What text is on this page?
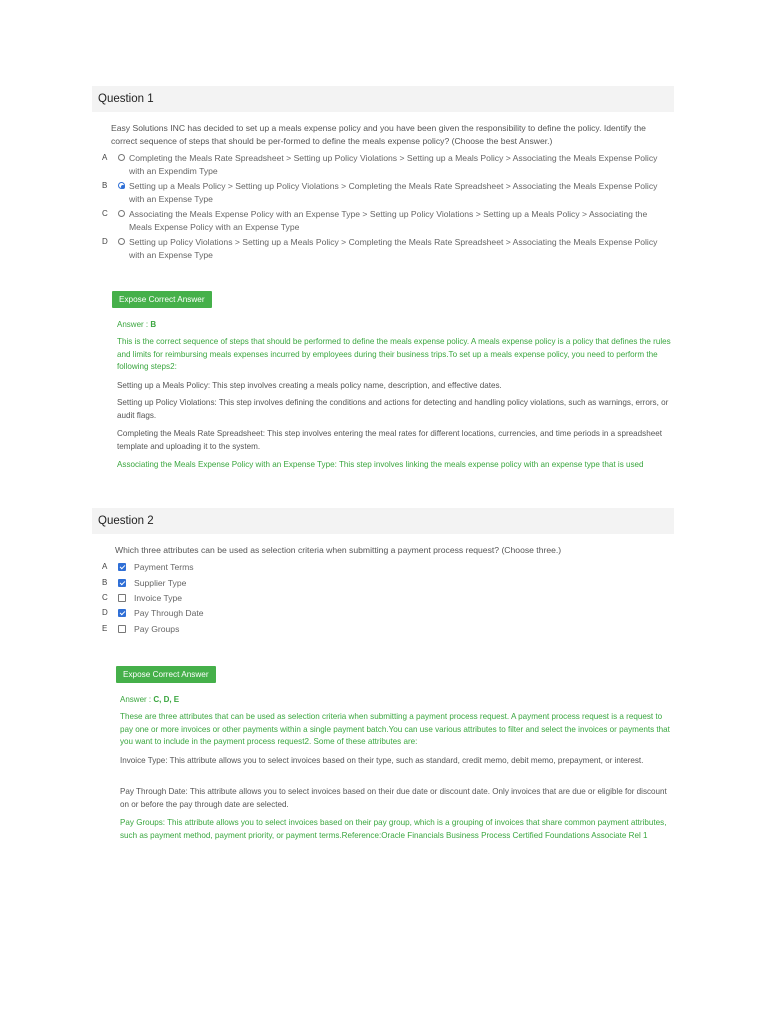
Question 1
Easy Solutions INC has decided to set up a meals expense policy and you have been given the responsibility to define the policy. Identify the correct sequence of steps that should be per-formed to define the meals expense policy? (Choose the best Answer.)
A	Completing the Meals Rate Spreadsheet > Setting up Policy Violations > Setting up a Meals Policy > Associating the Meals Expense Policy with an Expendim Type
B	Setting up a Meals Policy > Setting up Policy Violations > Completing the Meals Rate Spreadsheet > Associating the Meals Expense Policy with an Expense Type
C Associating the Meals Expense Policy with an Expense Type > Setting up Policy Violations > Setting up a Meals Policy > Associating the Meals Expense Policy with an Expense Type
D Setting up Policy Violations > Setting up a Meals Policy > Completing the Meals Rate Spreadsheet > Associating the Meals Expense Policy with an Expense Type
Expose Correct Answer
Answer : B
This is the correct sequence of steps that should be performed to define the meals expense policy. A meals expense policy is a policy that defines the rules and limits for reimbursing meals expenses incurred by employees during their business trips.To set up a meals expense policy, you need to perform the following steps2:
Setting up a Meals Policy: This step involves creating a meals policy name, description, and effective dates.
Setting up Policy Violations: This step involves defining the conditions and actions for detecting and handling policy violations, such as warnings, errors, or audit flags.
Completing the Meals Rate Spreadsheet: This step involves entering the meal rates for different locations, currencies, and time periods in a spreadsheet template and uploading it to the system.
Associating the Meals Expense Policy with an Expense Type: This step involves linking the meals expense policy with an expense type that is used
Question 2
Which three attributes can be used as selection criteria when submitting a payment process request? (Choose three.)
A	Payment Terms
B	Supplier Type
C	Invoice Type
D	Pay Through Date
E	Pay Groups
Expose Correct Answer
Answer : C, D, E
These are three attributes that can be used as selection criteria when submitting a payment process request. A payment process request is a request to pay one or more invoices or other payments within a single payment batch.You can use various attributes to filter and select the invoices or payments that you want to include in the payment process request2. Some of these attributes are:
Invoice Type: This attribute allows you to select invoices based on their type, such as standard, credit memo, debit memo, prepayment, or interest.
Pay Through Date: This attribute allows you to select invoices based on their due date or discount date. Only invoices that are due or eligible for discount on or before the pay through date are selected.
Pay Groups: This attribute allows you to select invoices based on their pay group, which is a grouping of invoices that share common payment attributes, such as payment method, payment priority, or payment terms.Reference:Oracle Financials Business Process Certified Foundations Associate Rel 1
